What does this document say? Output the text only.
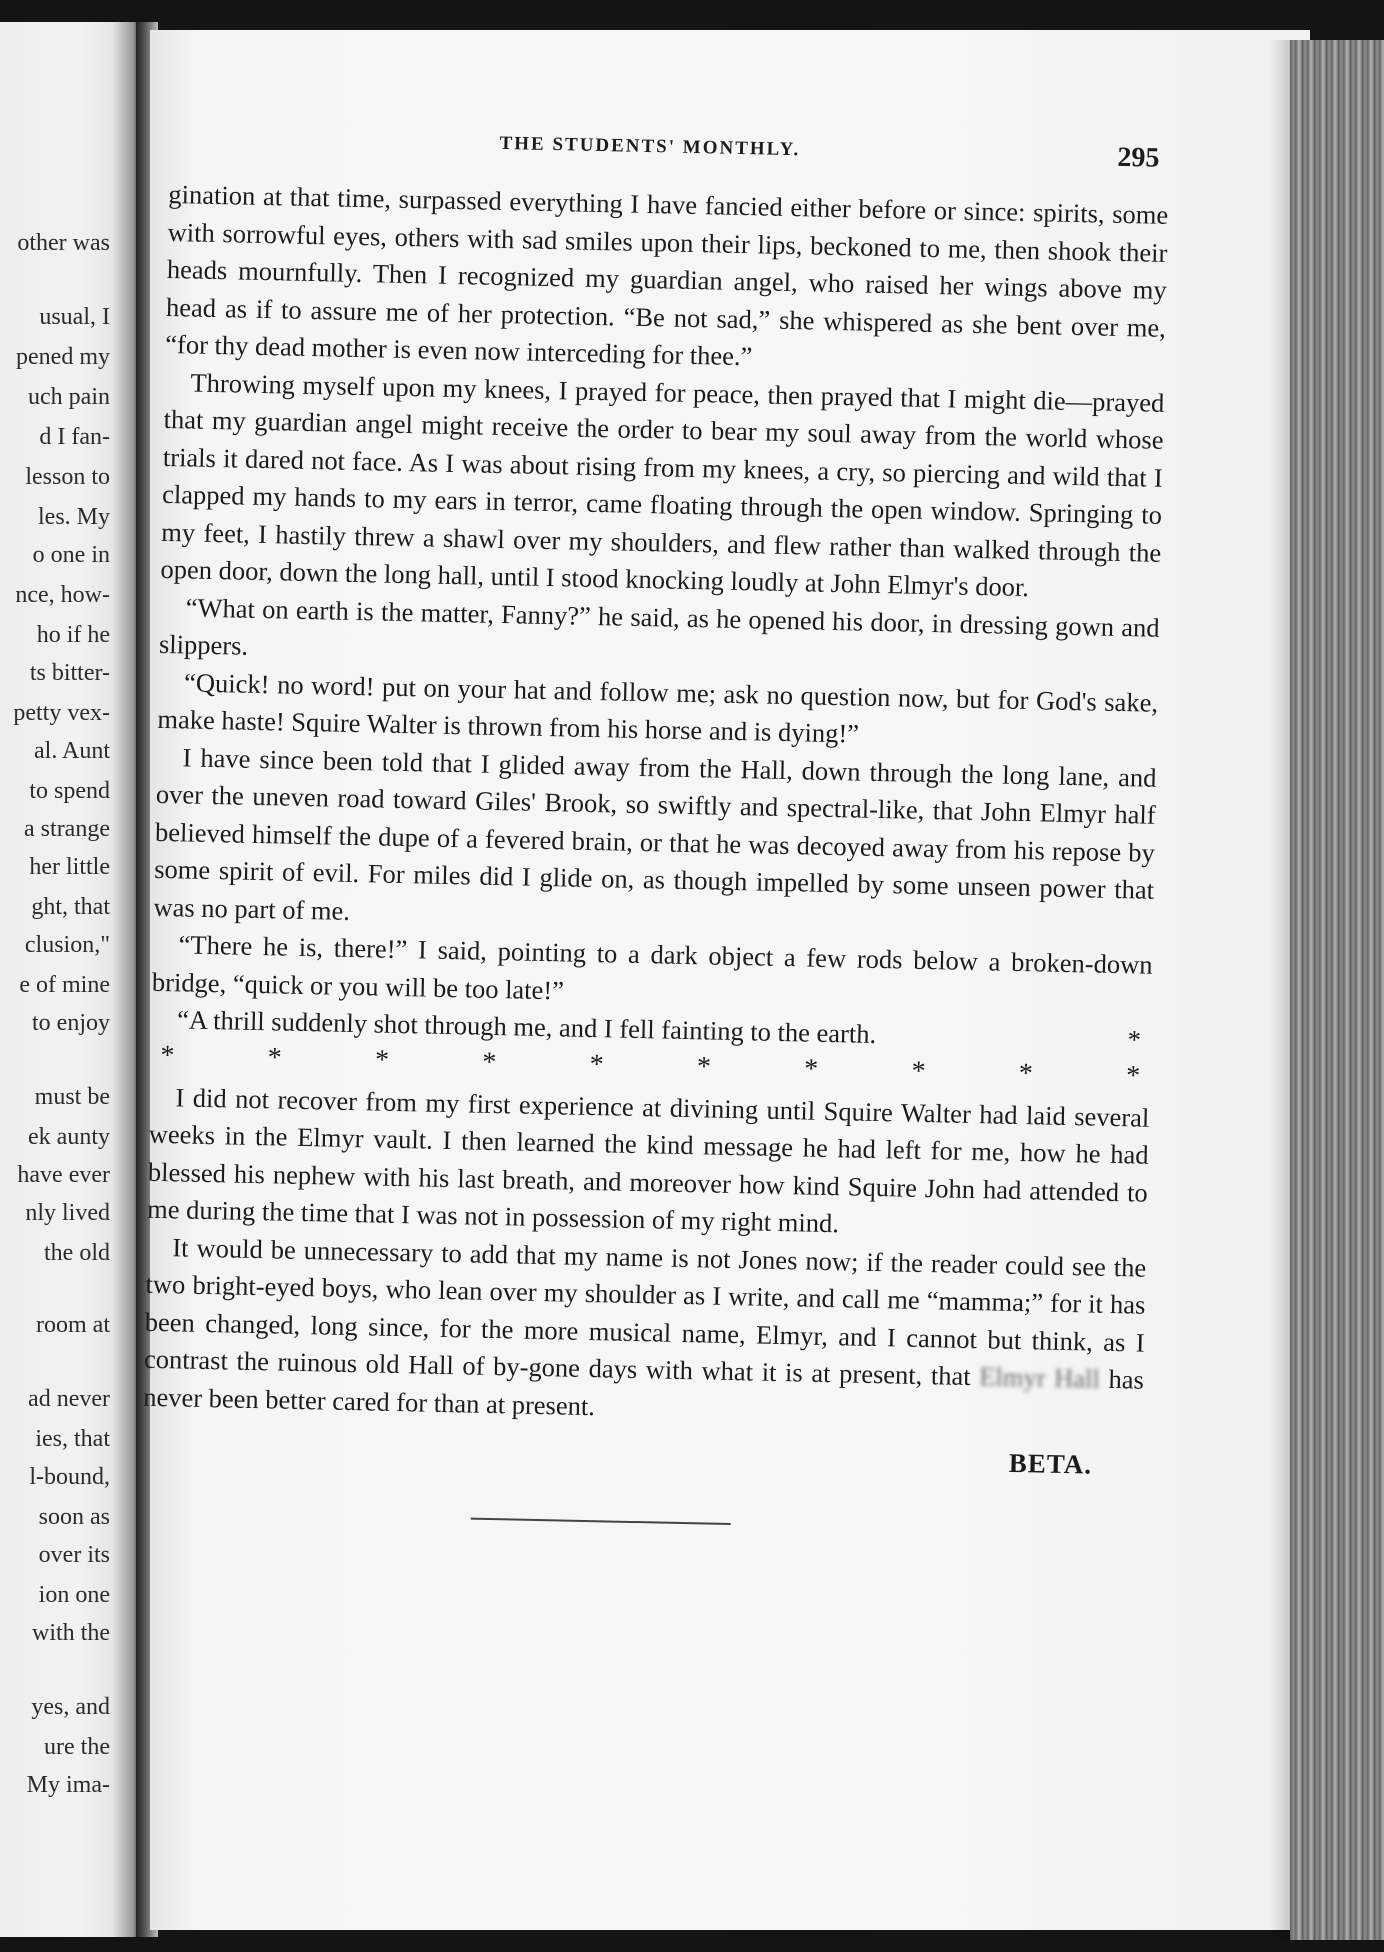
other was
usual, I
pened my
uch pain
d I fan-
lesson to
les. My
o one in
nce, how-
ho if he
ts bitter-
petty vex-
al. Aunt
to spend
a strange
her little
ght, that
clusion,"
e of mine
to enjoy
must be
ek aunty
have ever
nly lived
the old
room at
ad never
ies, that
l-bound,
soon as
over its
ion one
with the
yes, and
ure the
My ima-
THE STUDENTS' MONTHLY.	295

gination at that time, surpassed everything I have fancied either before or since: spirits, some with sorrowful eyes, others with sad smiles upon their lips, beckoned to me, then shook their heads mournfully. Then I recognized my guardian angel, who raised her wings above my head as if to assure me of her protection. “Be not sad,” she whispered as she bent over me, “for thy dead mother is even now interceding for thee.”

Throwing myself upon my knees, I prayed for peace, then prayed that I might die—prayed that my guardian angel might receive the order to bear my soul away from the world whose trials it dared not face. As I was about rising from my knees, a cry, so piercing and wild that I clapped my hands to my ears in terror, came floating through the open window. Springing to my feet, I hastily threw a shawl over my shoulders, and flew rather than walked through the open door, down the long hall, until I stood knocking loudly at John Elmyr's door.

“What on earth is the matter, Fanny?” he said, as he opened his door, in dressing gown and slippers.

“Quick! no word! put on your hat and follow me; ask no question now, but for God's sake, make haste! Squire Walter is thrown from his horse and is dying!”

I have since been told that I glided away from the Hall, down through the long lane, and over the uneven road toward Giles' Brook, so swiftly and spectral-like, that John Elmyr half believed himself the dupe of a fevered brain, or that he was decoyed away from his repose by some spirit of evil. For miles did I glide on, as though impelled by some unseen power that was no part of me.

“There he is, there!” I said, pointing to a dark object a few rods below a broken-down bridge, “quick or you will be too late!”

“A thrill suddenly shot through me, and I fell fainting to the earth.	*

*	*	*	*	*	*	*	*	*	*

I did not recover from my first experience at divining until Squire Walter had laid several weeks in the Elmyr vault. I then learned the kind message he had left for me, how he had blessed his nephew with his last breath, and moreover how kind Squire John had attended to me during the time that I was not in possession of my right mind.

It would be unnecessary to add that my name is not Jones now; if the reader could see the two bright-eyed boys, who lean over my shoulder as I write, and call me “mamma;” for it has been changed, long since, for the more musical name, Elmyr, and I cannot but think, as I contrast the ruinous old Hall of by-gone days with what it is at present, that Elmyr Hall has never been better cared for than at present.

BETA.
